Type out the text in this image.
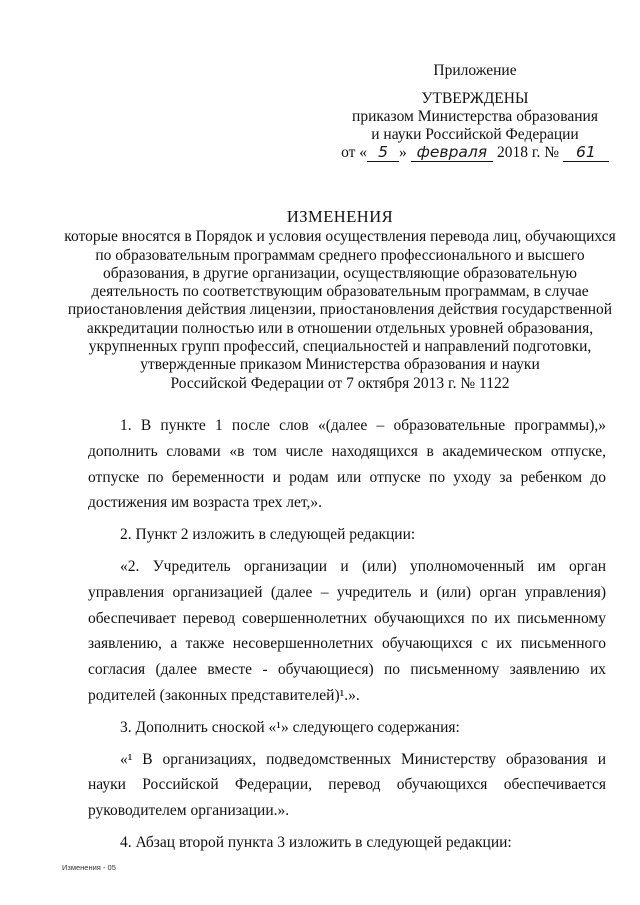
Приложение
УТВЕРЖДЕНЫ
приказом Министерства образования
и науки Российской Федерации
от « 5 » февраля 2018 г. № 61
ИЗМЕНЕНИЯ
которые вносятся в Порядок и условия осуществления перевода лиц, обучающихся
по образовательным программам среднего профессионального и высшего
образования, в другие организации, осуществляющие образовательную
деятельность по соответствующим образовательным программам, в случае
приостановления действия лицензии, приостановления действия государственной
аккредитации полностью или в отношении отдельных уровней образования,
укрупненных групп профессий, специальностей и направлений подготовки,
утвержденные приказом Министерства образования и науки
Российской Федерации от 7 октября 2013 г. № 1122

1. В пункте 1 после слов «(далее – образовательные программы),» дополнить словами «в том числе находящихся в академическом отпуске, отпуске по беременности и родам или отпуске по уходу за ребенком до достижения им возраста трех лет,».

2. Пункт 2 изложить в следующей редакции:

«2. Учредитель организации и (или) уполномоченный им орган управления организацией (далее – учредитель и (или) орган управления) обеспечивает перевод совершеннолетних обучающихся по их письменному заявлению, а также несовершеннолетних обучающихся с их письменного согласия (далее вместе - обучающиеся) по письменному заявлению их родителей (законных представителей)¹.».

3. Дополнить сноской «¹» следующего содержания:

«¹ В организациях, подведомственных Министерству образования и науки Российской Федерации, перевод обучающихся обеспечивается руководителем организации.».

4. Абзац второй пункта 3 изложить в следующей редакции:

Изменения - 05
